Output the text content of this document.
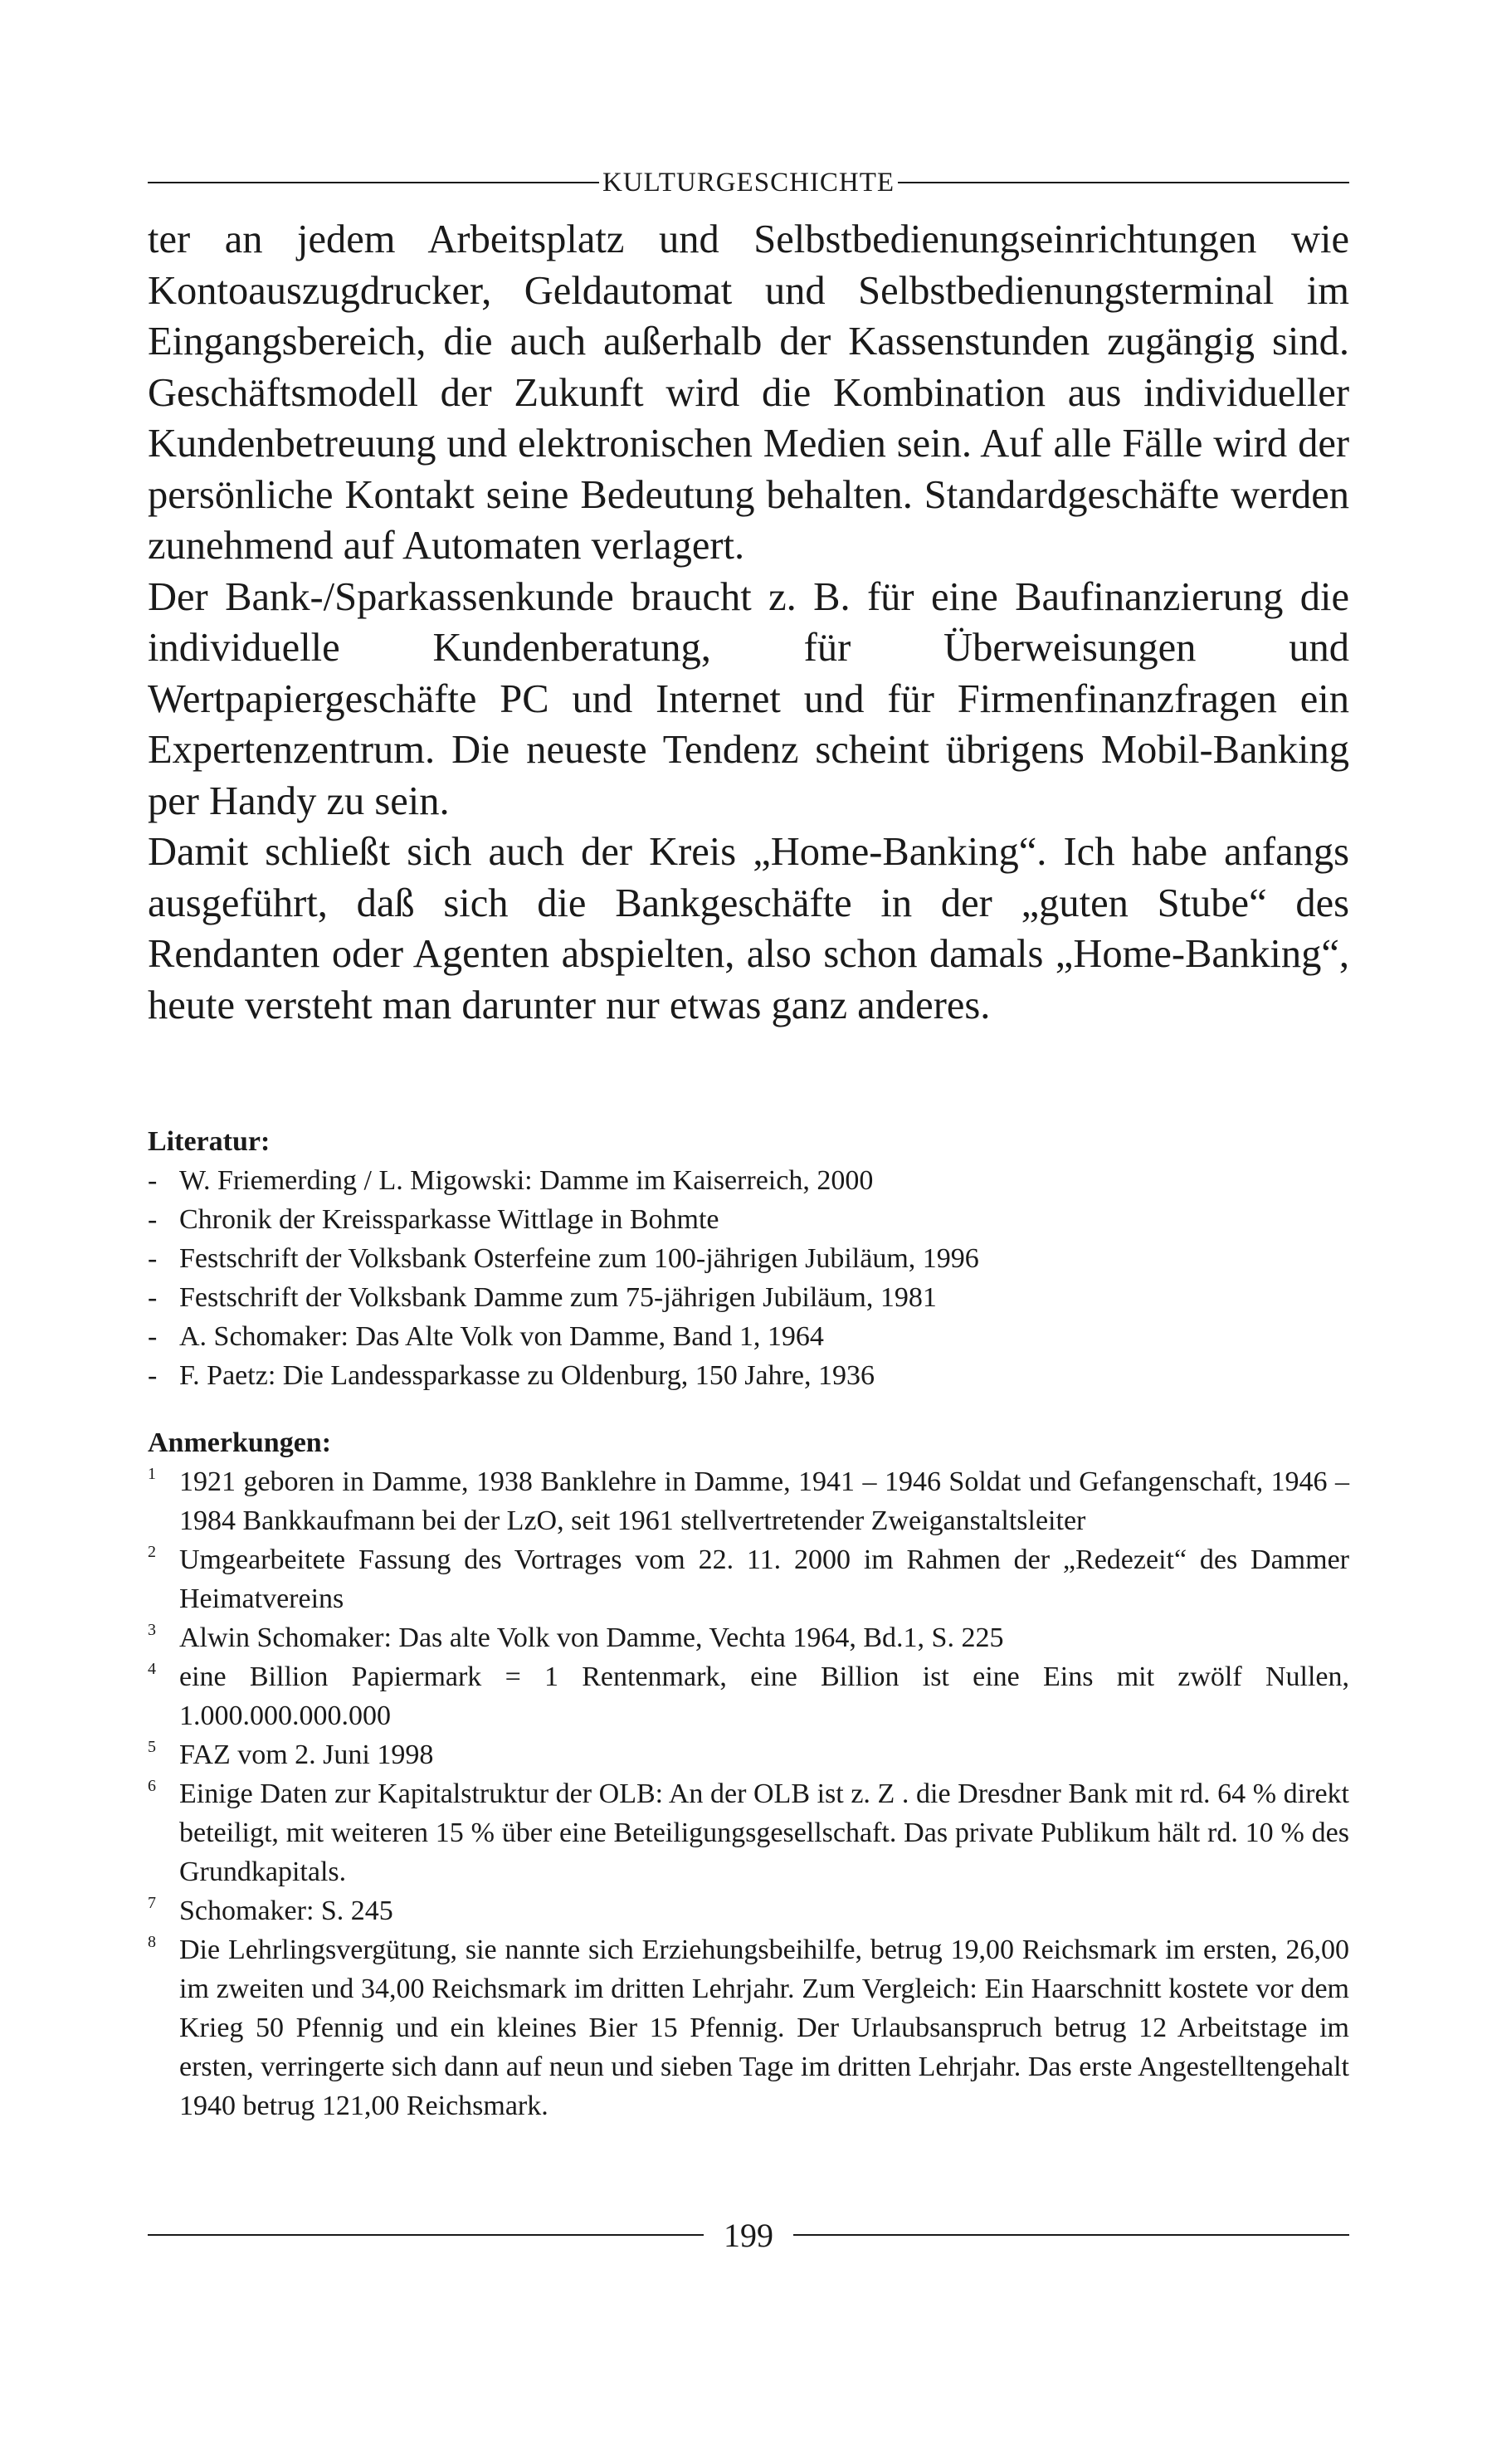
KULTURGESCHICHTE

ter an jedem Arbeitsplatz und Selbstbedienungseinrichtungen wie Kontoauszugdrucker, Geldautomat und Selbstbedienungsterminal im Eingangsbereich, die auch außerhalb der Kassenstunden zugängig sind. Geschäftsmodell der Zukunft wird die Kombination aus individueller Kundenbetreuung und elektronischen Medien sein. Auf alle Fälle wird der persönliche Kontakt seine Bedeutung behalten. Standardgeschäfte werden zunehmend auf Automaten verlagert.

Der Bank-/Sparkassenkunde braucht z. B. für eine Baufinanzierung die individuelle Kundenberatung, für Überweisungen und Wertpapiergeschäfte PC und Internet und für Firmenfinanzfragen ein Expertenzentrum. Die neueste Tendenz scheint übrigens Mobil-Banking per Handy zu sein.

Damit schließt sich auch der Kreis „Home-Banking“. Ich habe anfangs ausgeführt, daß sich die Bankgeschäfte in der „guten Stube“ des Rendanten oder Agenten abspielten, also schon damals „Home-Banking“, heute versteht man darunter nur etwas ganz anderes.

Literatur:
- W. Friemerding / L. Migowski: Damme im Kaiserreich, 2000
- Chronik der Kreissparkasse Wittlage in Bohmte
- Festschrift der Volksbank Osterfeine zum 100-jährigen Jubiläum, 1996
- Festschrift der Volksbank Damme zum 75-jährigen Jubiläum, 1981
- A. Schomaker: Das Alte Volk von Damme, Band 1, 1964
- F. Paetz: Die Landessparkasse zu Oldenburg, 150 Jahre, 1936
Anmerkungen:
1 1921 geboren in Damme, 1938 Banklehre in Damme, 1941 – 1946 Soldat und Gefangenschaft, 1946 – 1984 Bankkaufmann bei der LzO, seit 1961 stellvertretender Zweiganstaltsleiter
2 Umgearbeitete Fassung des Vortrages vom 22. 11. 2000 im Rahmen der „Redezeit“ des Dammer Heimatvereins
3 Alwin Schomaker: Das alte Volk von Damme, Vechta 1964, Bd.1, S. 225
4 eine Billion Papiermark = 1 Rentenmark, eine Billion ist eine Eins mit zwölf Nullen, 1.000.000.000.000
5 FAZ vom 2. Juni 1998
6 Einige Daten zur Kapitalstruktur der OLB: An der OLB ist z. Z . die Dresdner Bank mit rd. 64 % direkt beteiligt, mit weiteren 15 % über eine Beteiligungsgesellschaft. Das private Publikum hält rd. 10 % des Grundkapitals.
7 Schomaker: S. 245
8 Die Lehrlingsvergütung, sie nannte sich Erziehungsbeihilfe, betrug 19,00 Reichsmark im ersten, 26,00 im zweiten und 34,00 Reichsmark im dritten Lehrjahr. Zum Vergleich: Ein Haarschnitt kostete vor dem Krieg 50 Pfennig und ein kleines Bier 15 Pfennig. Der Urlaubsanspruch betrug 12 Arbeitstage im ersten, verringerte sich dann auf neun und sieben Tage im dritten Lehrjahr. Das erste Angestelltengehalt 1940 betrug 121,00 Reichsmark.
199
